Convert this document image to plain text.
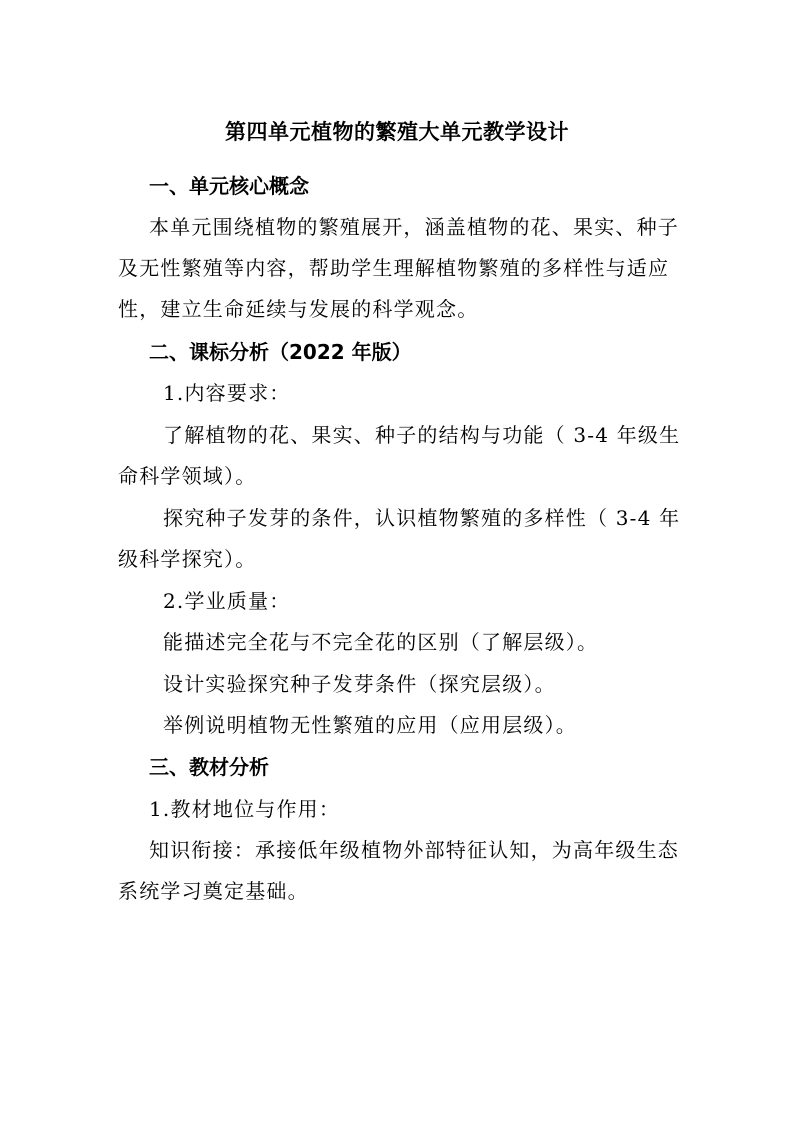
第四单元植物的繁殖大单元教学设计
一、单元核心概念
本单元围绕植物的繁殖展开，涵盖植物的花、果实、种子
及无性繁殖等内容，帮助学生理解植物繁殖的多样性与适应
性，建立生命延续与发展的科学观念。
二、课标分析（2022 年版）
1.内容要求：
了解植物的花、果实、种子的结构与功能（ 3-4 年级生
命科学领域）。
探究种子发芽的条件，认识植物繁殖的多样性（ 3-4 年
级科学探究）。
2.学业质量：
能描述完全花与不完全花的区别（了解层级）。
设计实验探究种子发芽条件（探究层级）。
举例说明植物无性繁殖的应用（应用层级）。
三、教材分析
1.教材地位与作用：
知识衔接：承接低年级植物外部特征认知，为高年级生态
系统学习奠定基础。
